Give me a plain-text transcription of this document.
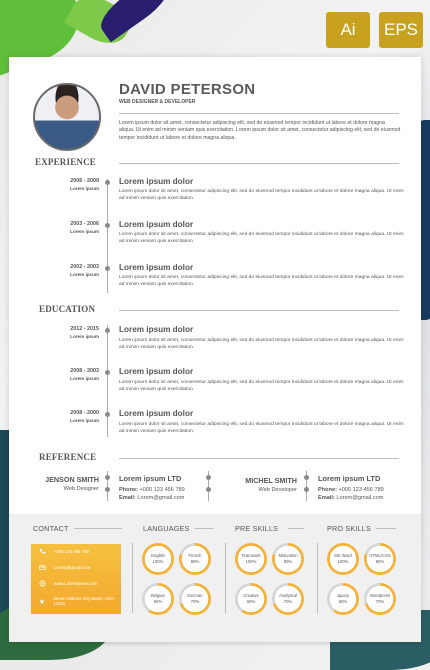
Ai	EPS
DAVID PETERSON
WEB DESIGNER & DEVELOPER
Lorem ipsum dolor sit amet, consectetur adipiscing elit, sed do eiusmod tempor incididunt ut labore et dolore magna aliqua. Ut enim ad minim veniam quis exercitation. Lorem ipsum dolor sit amet, consectetur adipiscing elit, sed do eiusmod tempor incididunt ut labore et dolore magna aliqua.
EXPERIENCE
2006 - 2009
Lorem ipsum
Lorem ipsum dolor
Lorem ipsum dolor sit amet, consectetur adipiscing elit, sed do eiusmod tempor incididunt ut labore et dolore magna aliqua. Ut enim ad minim veniam quis exercitation.
2003 - 2006
Lorem ipsum
Lorem ipsum dolor
Lorem ipsum dolor sit amet, consectetur adipiscing elit, sed do eiusmod tempor incididunt ut labore et dolore magna aliqua. Ut enim ad minim veniam quis exercitation.
2002 - 2003
Lorem ipsum
Lorem ipsum dolor
Lorem ipsum dolor sit amet, consectetur adipiscing elit, sed do eiusmod tempor incididunt ut labore et dolore magna aliqua. Ut enim ad minim veniam quis exercitation.
EDUCATION
2012 - 2015
Lorem ipsum
Lorem ipsum dolor
Lorem ipsum dolor sit amet, consectetur adipiscing elit, sed do eiusmod tempor incididunt ut labore et dolore magna aliqua. Ut enim ad minim veniam quis exercitation.
2008 - 2003
Lorem ipsum
Lorem ipsum dolor
Lorem ipsum dolor sit amet, consectetur adipiscing elit, sed do eiusmod tempor incididunt ut labore et dolore magna aliqua. Ut enim ad minim veniam quis exercitation.
2008 - 2000
Lorem ipsum
Lorem ipsum dolor
Lorem ipsum dolor sit amet, consectetur adipiscing elit, sed do eiusmod tempor incididunt ut labore et dolore magna aliqua. Ut enim ad minim veniam quis exercitation.
REFERENCE
JENSON SMITH
Web Designer
Lorem ipsum LTD
Phone: +000 123 456 789
Email: Lorem@gmail.com
MICHEL SMITH
Web Developer
Lorem ipsum LTD
Phone: +000 123 456 789
Email: Lorem@gmail.com
CONTACT	LANGUAGES	PRE SKILLS	PRO SKILLS
+000 123 456 789
Lorem@gmail.com
www.Loremipsum.com
Street Address City Name, USA - 12345
English
100%
French
80%
Belgian
60%
German
70%
Teamwork
100%
Motivation
80%
Creative
60%
Analytical
70%
MS Word
100%
HTML/CSS
80%
Jquery
60%
Wordpress
70%
